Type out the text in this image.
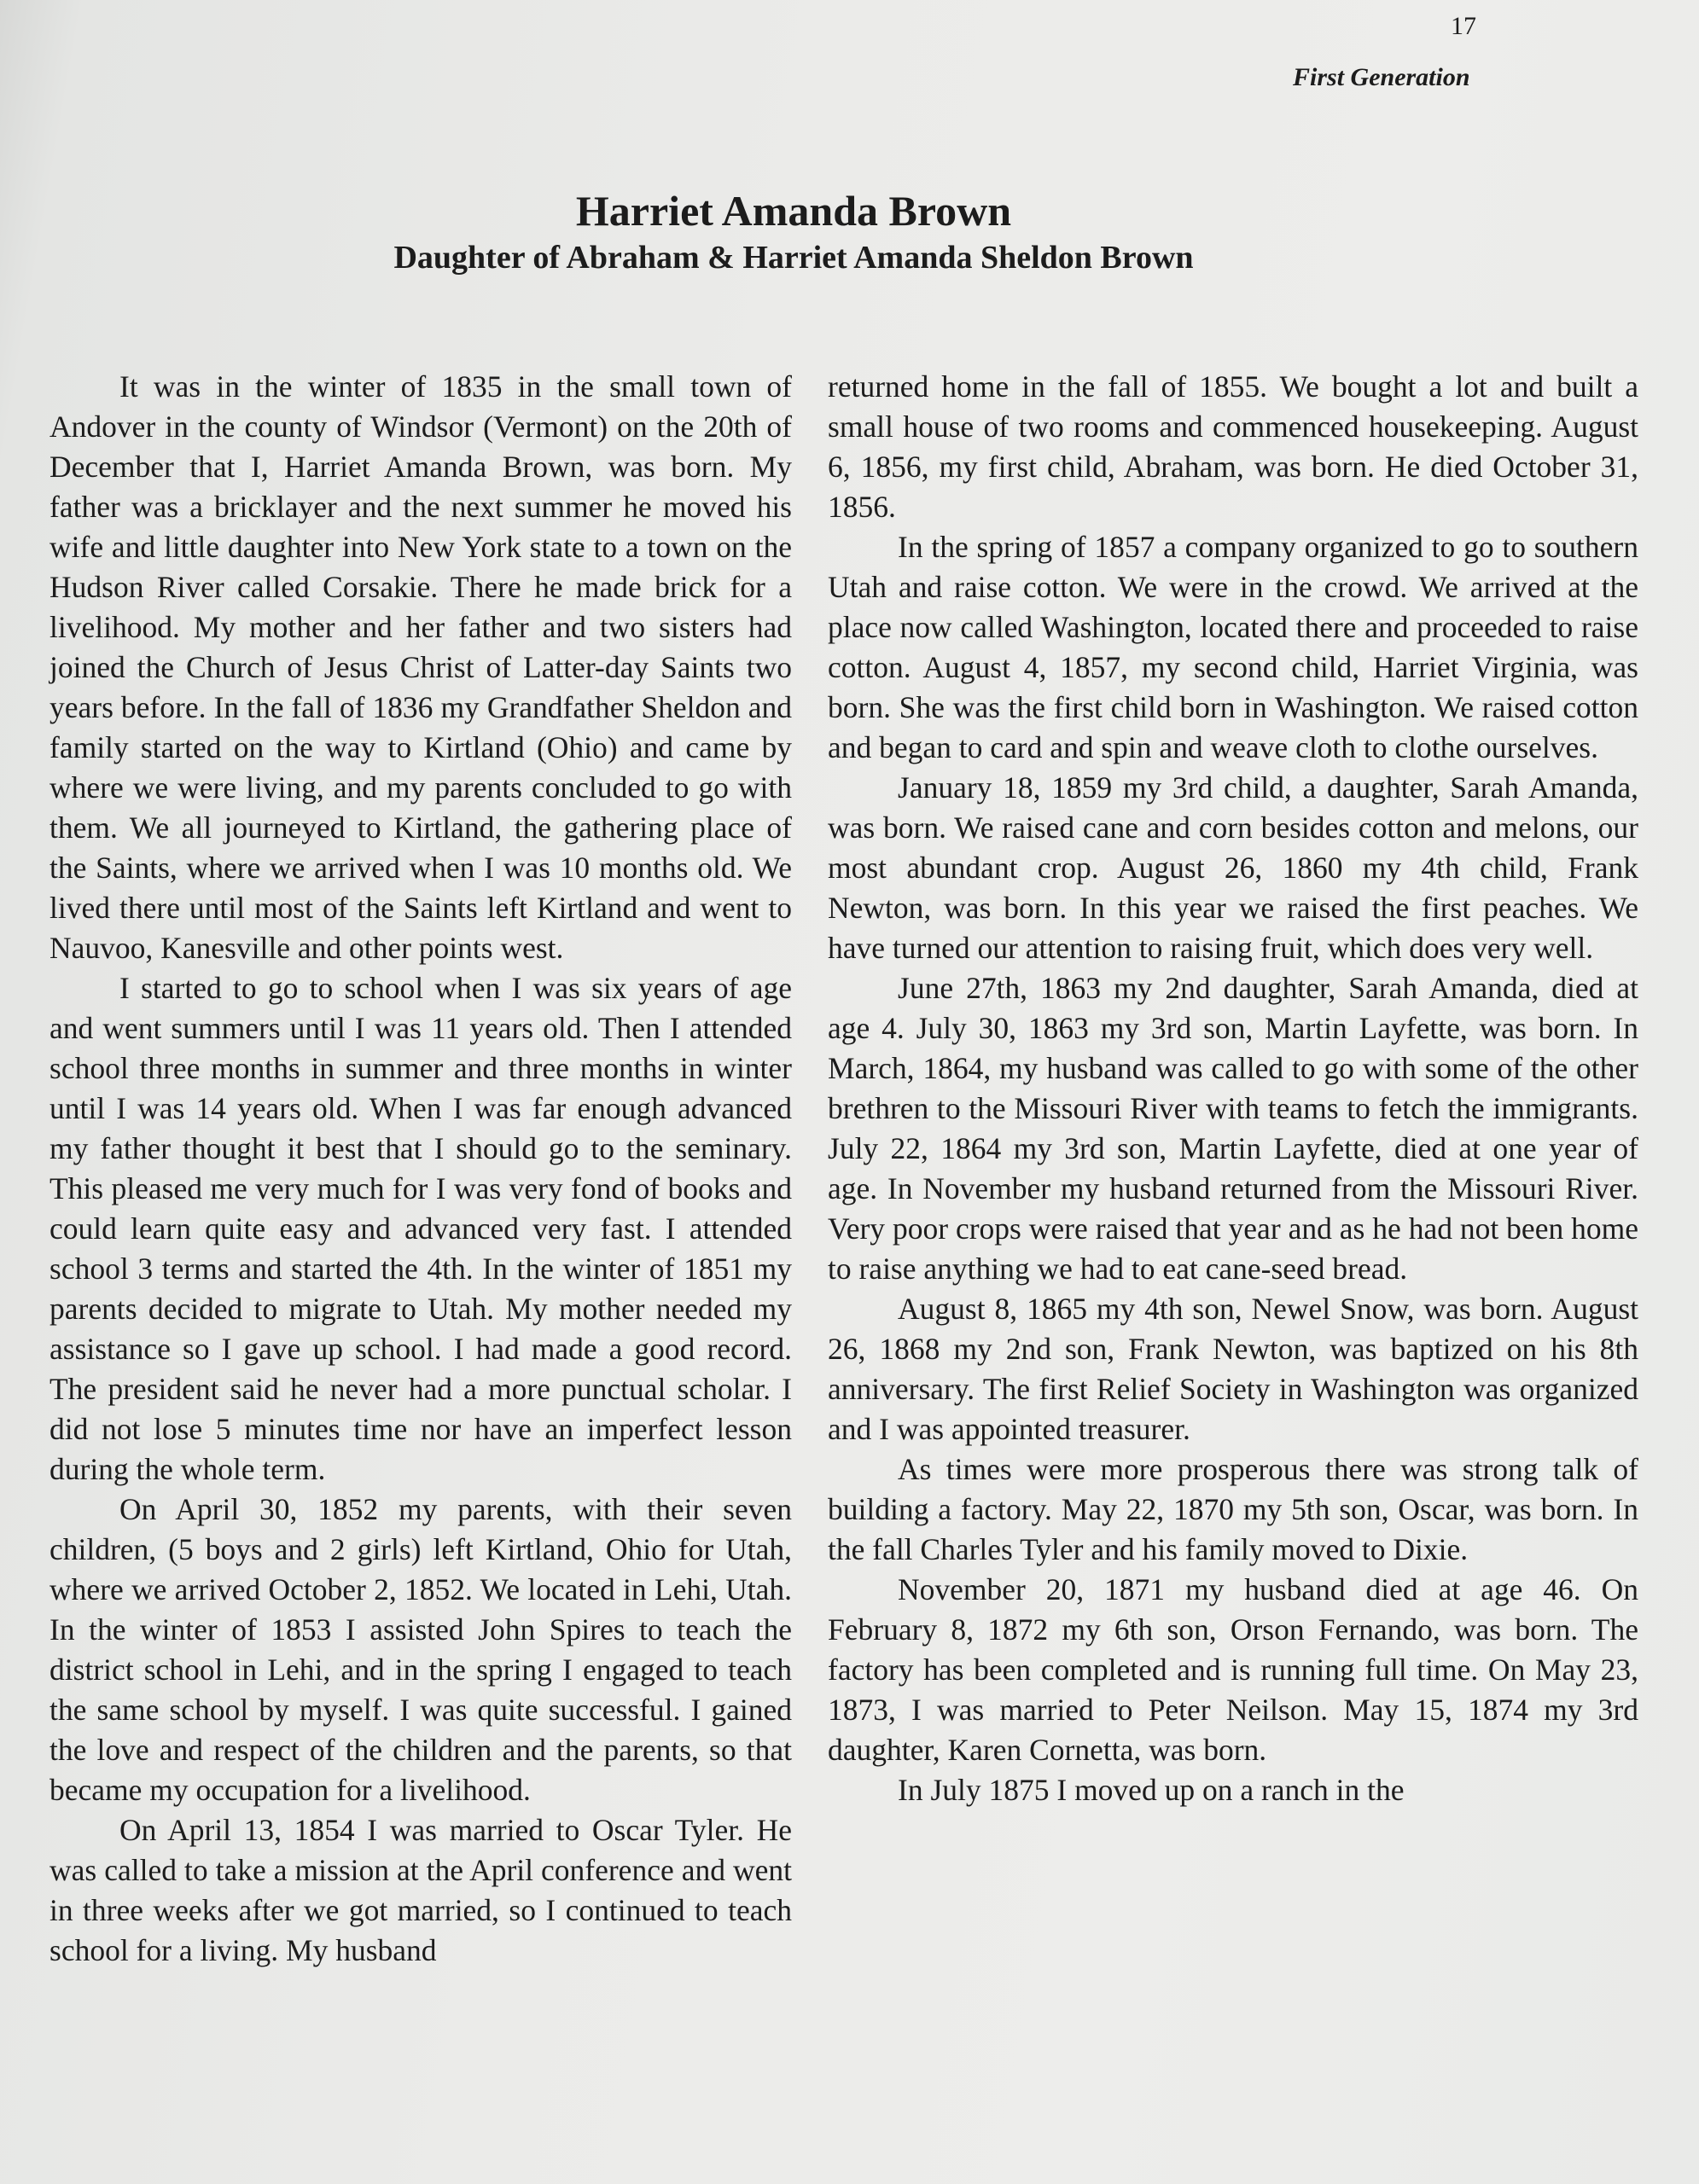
17
First Generation
Harriet Amanda Brown
Daughter of Abraham & Harriet Amanda Sheldon Brown

It was in the winter of 1835 in the small town of Andover in the county of Windsor (Vermont) on the 20th of December that I, Harriet Amanda Brown, was born. My father was a bricklayer and the next summer he moved his wife and little daughter into New York state to a town on the Hudson River called Corsakie. There he made brick for a livelihood. My mother and her father and two sisters had joined the Church of Jesus Christ of Latter-day Saints two years before. In the fall of 1836 my Grandfather Sheldon and family started on the way to Kirtland (Ohio) and came by where we were living, and my parents concluded to go with them. We all journeyed to Kirtland, the gathering place of the Saints, where we arrived when I was 10 months old. We lived there until most of the Saints left Kirtland and went to Nauvoo, Kanesville and other points west.

I started to go to school when I was six years of age and went summers until I was 11 years old. Then I attended school three months in summer and three months in winter until I was 14 years old. When I was far enough advanced my father thought it best that I should go to the seminary. This pleased me very much for I was very fond of books and could learn quite easy and advanced very fast. I attended school 3 terms and started the 4th. In the winter of 1851 my parents decided to migrate to Utah. My mother needed my assistance so I gave up school. I had made a good record. The president said he never had a more punctual scholar. I did not lose 5 minutes time nor have an imperfect lesson during the whole term.

On April 30, 1852 my parents, with their seven children, (5 boys and 2 girls) left Kirtland, Ohio for Utah, where we arrived October 2, 1852. We located in Lehi, Utah. In the winter of 1853 I assisted John Spires to teach the district school in Lehi, and in the spring I engaged to teach the same school by myself. I was quite successful. I gained the love and respect of the children and the parents, so that became my occupation for a livelihood.

On April 13, 1854 I was married to Oscar Tyler. He was called to take a mission at the April conference and went in three weeks after we got married, so I continued to teach school for a living. My husband

returned home in the fall of 1855. We bought a lot and built a small house of two rooms and commenced housekeeping. August 6, 1856, my first child, Abraham, was born. He died October 31, 1856.

In the spring of 1857 a company organized to go to southern Utah and raise cotton. We were in the crowd. We arrived at the place now called Washington, located there and proceeded to raise cotton. August 4, 1857, my second child, Harriet Virginia, was born. She was the first child born in Washington. We raised cotton and began to card and spin and weave cloth to clothe ourselves.

January 18, 1859 my 3rd child, a daughter, Sarah Amanda, was born. We raised cane and corn besides cotton and melons, our most abundant crop. August 26, 1860 my 4th child, Frank Newton, was born. In this year we raised the first peaches. We have turned our attention to raising fruit, which does very well.

June 27th, 1863 my 2nd daughter, Sarah Amanda, died at age 4. July 30, 1863 my 3rd son, Martin Layfette, was born. In March, 1864, my husband was called to go with some of the other brethren to the Missouri River with teams to fetch the immigrants. July 22, 1864 my 3rd son, Martin Layfette, died at one year of age. In November my husband returned from the Missouri River. Very poor crops were raised that year and as he had not been home to raise anything we had to eat cane-seed bread.

August 8, 1865 my 4th son, Newel Snow, was born. August 26, 1868 my 2nd son, Frank Newton, was baptized on his 8th anniversary. The first Relief Society in Washington was organized and I was appointed treasurer.

As times were more prosperous there was strong talk of building a factory. May 22, 1870 my 5th son, Oscar, was born. In the fall Charles Tyler and his family moved to Dixie.

November 20, 1871 my husband died at age 46. On February 8, 1872 my 6th son, Orson Fernando, was born. The factory has been completed and is running full time. On May 23, 1873, I was married to Peter Neilson. May 15, 1874 my 3rd daughter, Karen Cornetta, was born.

In July 1875 I moved up on a ranch in the
